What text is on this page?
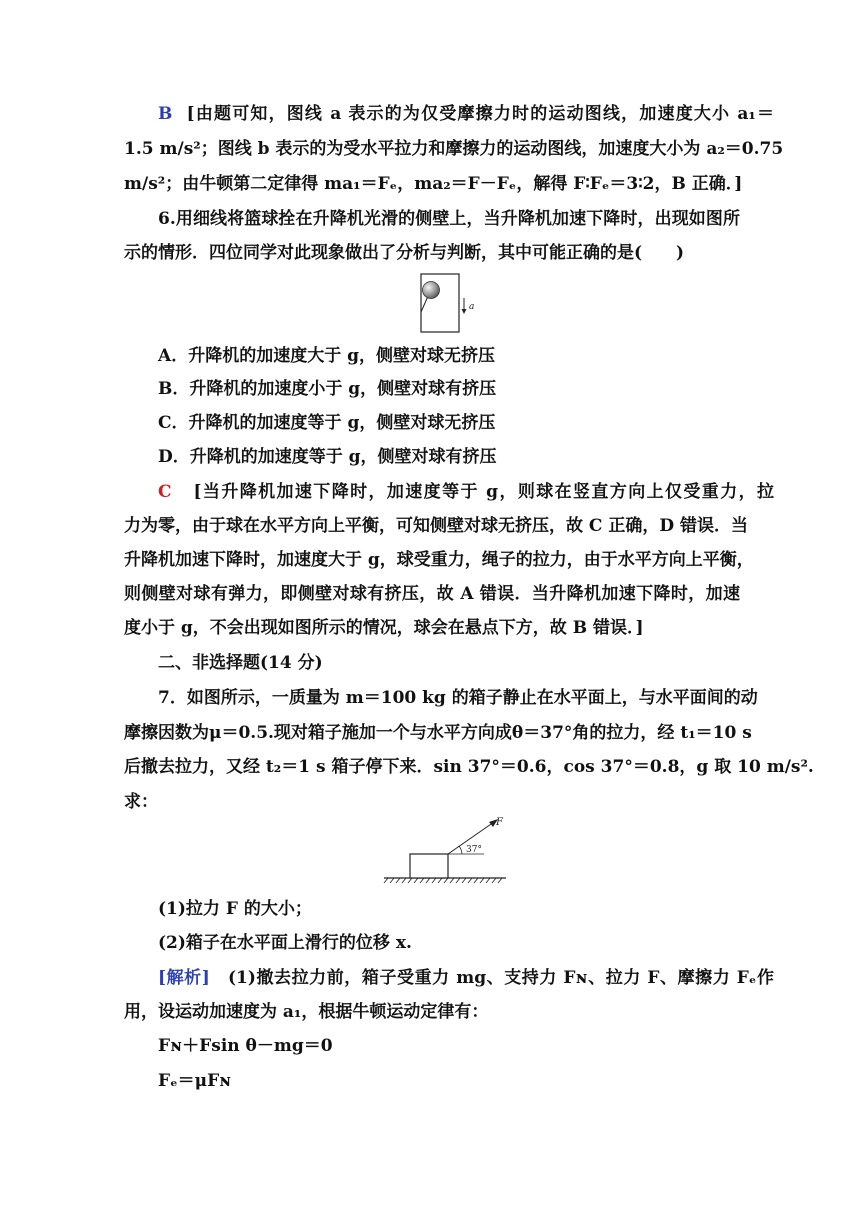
B [由题可知，图线 a 表示的为仅受摩擦力时的运动图线，加速度大小 a₁＝
1.5 m/s²；图线 b 表示的为受水平拉力和摩擦力的运动图线，加速度大小为 a₂＝0.75
m/s²；由牛顿第二定律得 ma₁＝Fₑ，ma₂＝F－Fₑ，解得 F∶Fₑ＝3∶2，B 正确．]
6.用细线将篮球拴在升降机光滑的侧壁上，当升降机加速下降时，出现如图所
示的情形．四位同学对此现象做出了分析与判断，其中可能正确的是(　　)
a
A．升降机的加速度大于 g，侧壁对球无挤压
B．升降机的加速度小于 g，侧壁对球有挤压
C．升降机的加速度等于 g，侧壁对球无挤压
D．升降机的加速度等于 g，侧壁对球有挤压
C [当升降机加速下降时，加速度等于 g，则球在竖直方向上仅受重力，拉
力为零，由于球在水平方向上平衡，可知侧壁对球无挤压，故 C 正确，D 错误．当
升降机加速下降时，加速度大于 g，球受重力，绳子的拉力，由于水平方向上平衡，
则侧壁对球有弹力，即侧壁对球有挤压，故 A 错误．当升降机加速下降时，加速
度小于 g，不会出现如图所示的情况，球会在悬点下方，故 B 错误．]
二、非选择题(14 分)
7．如图所示，一质量为 m＝100 kg 的箱子静止在水平面上，与水平面间的动
摩擦因数为μ＝0.5.现对箱子施加一个与水平方向成θ＝37°角的拉力，经 t₁＝10 s
后撤去拉力，又经 t₂＝1 s 箱子停下来．sin 37°＝0.6，cos 37°＝0.8，g 取 10 m/s².
求：
F
37°
(1)拉力 F 的大小；
(2)箱子在水平面上滑行的位移 x.
[解析]　(1)撤去拉力前，箱子受重力 mg、支持力 Fɴ、拉力 F、摩擦力 Fₑ作
用，设运动加速度为 a₁，根据牛顿运动定律有：
Fɴ＋Fsin θ－mg＝0
Fₑ＝μFɴ
